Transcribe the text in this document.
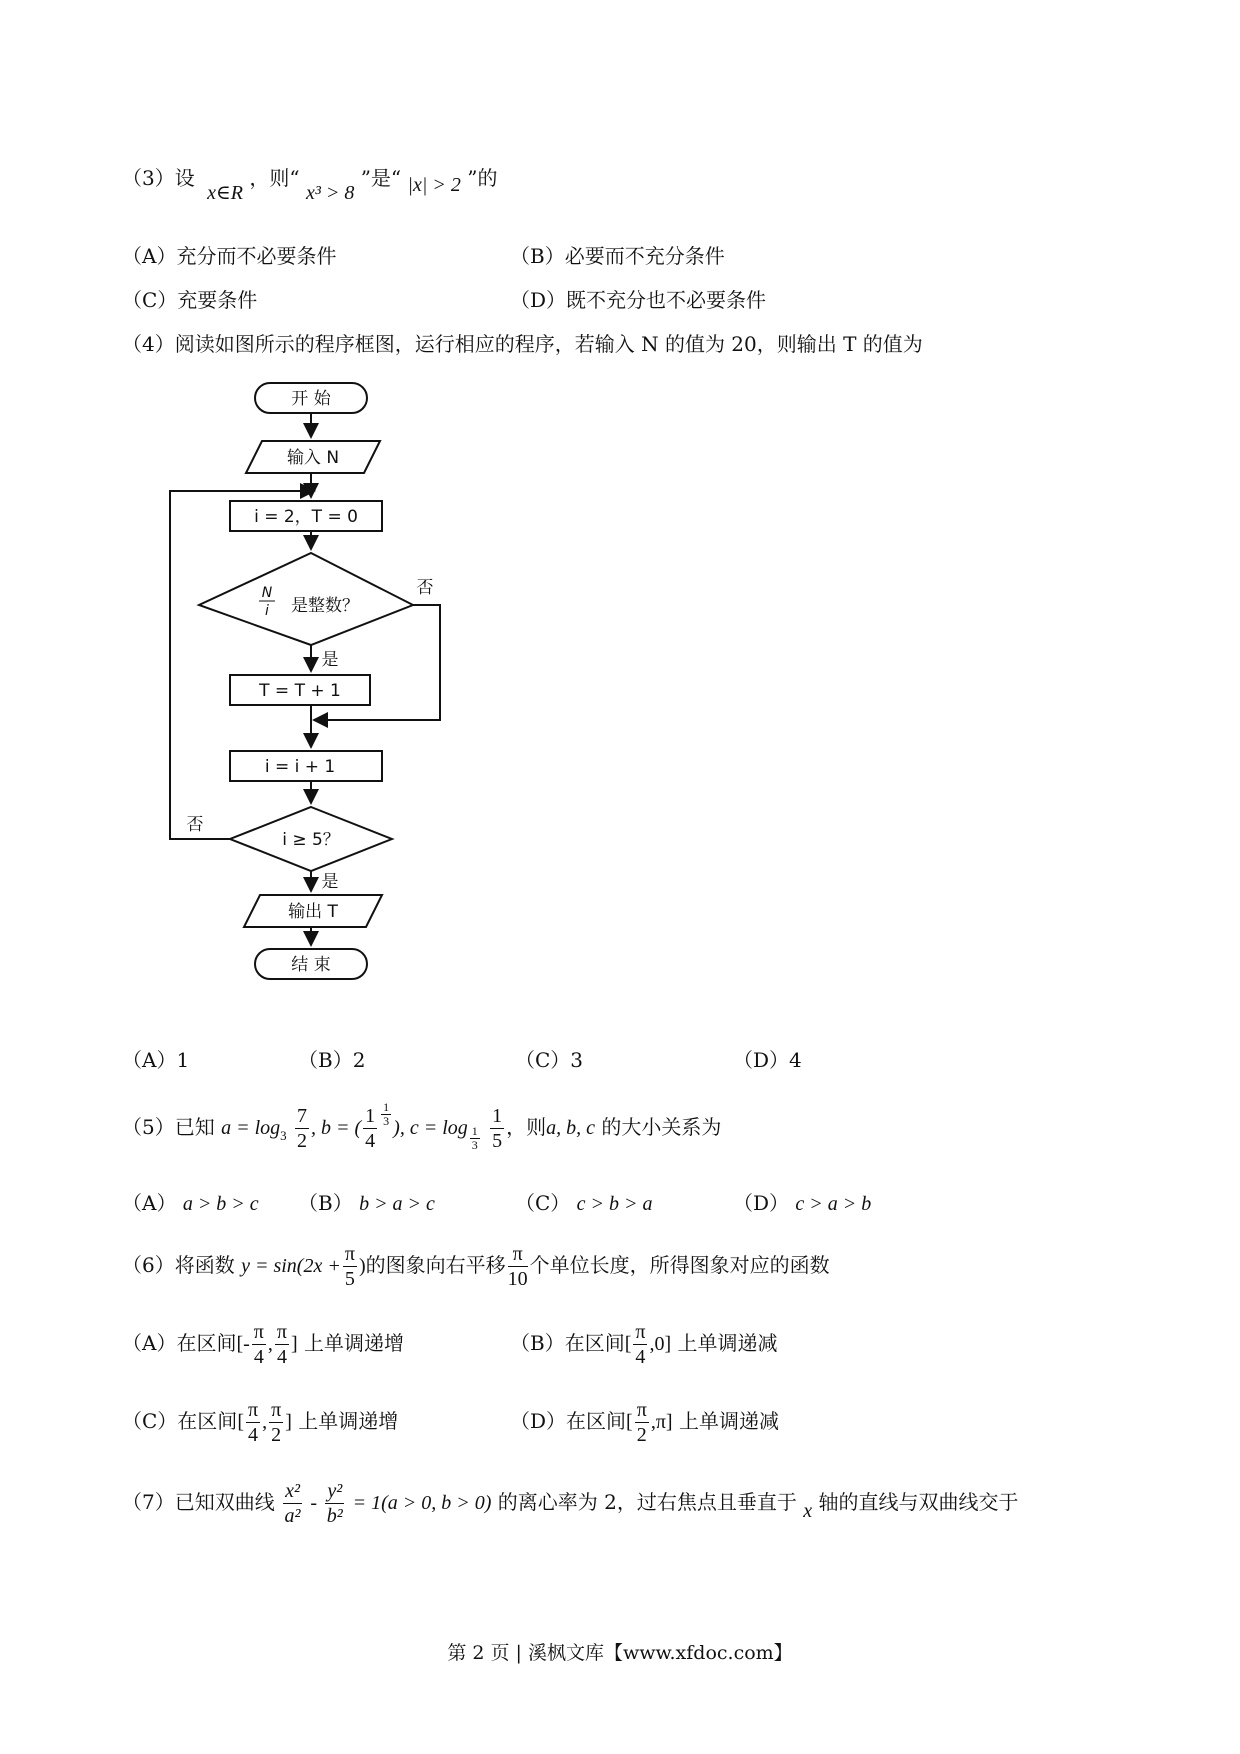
（3）设 x∈R ，则“ x³ > 8 ”是“ |x| > 2 ”的
（A）充分而不必要条件	（B）必要而不充分条件
（C）充要条件	（D）既不充分也不必要条件
（4）阅读如图所示的程序框图，运行相应的程序，若输入 N 的值为 20，则输出 T 的值为
开 始
输入 N
i = 2，T = 0
N
i 是整数？
是
否
T = T + 1
i = i + 1
i ≥ 5？
否
是
输出 T
结 束
（A）1	（B）2	（C）3	（D）4
（5）已知 $a = \log_3 \frac{7}{2}$ , b = ( $\frac{1}{4} \frac{1}{3}$ ), $c = \log \frac{1}{3}$
$\frac{1}{5}$ ，则a, b, c 的大小关系为
（A） a > b > c （B） b > a > c	（C） c > b > a	（D） c > a > b
（6）将函数 $y = \sin(2x + \frac{\pi}{5}$ )的图象向右平移 $\frac{\pi}{10}$ 个单位长度，所得图象对应的函数
（A）在区间[- $\frac{\pi}{4}$ , $\frac{\pi}{4}$ ] 上单调递增	（B）在区间[ $\frac{\pi}{4} ,0$] 上单调递减
（C）在区间[ $\frac{\pi}{4}$ , $\frac{\pi}{2}$ ] 上单调递增	（D）在区间[ $\frac{\pi}{2} ,\pi$] 上单调递减
（7）已知双曲线 $\frac{\text{x²}}{\text{a²}} - \frac{\text{y²}}{\text{b²}} = 1(a > 0$, b > 0) 的离心率为 2，过右焦点且垂直于 x 轴的直线与双曲线交于
第 2 页 | 溪枫文库【www.xfdoc.com】
